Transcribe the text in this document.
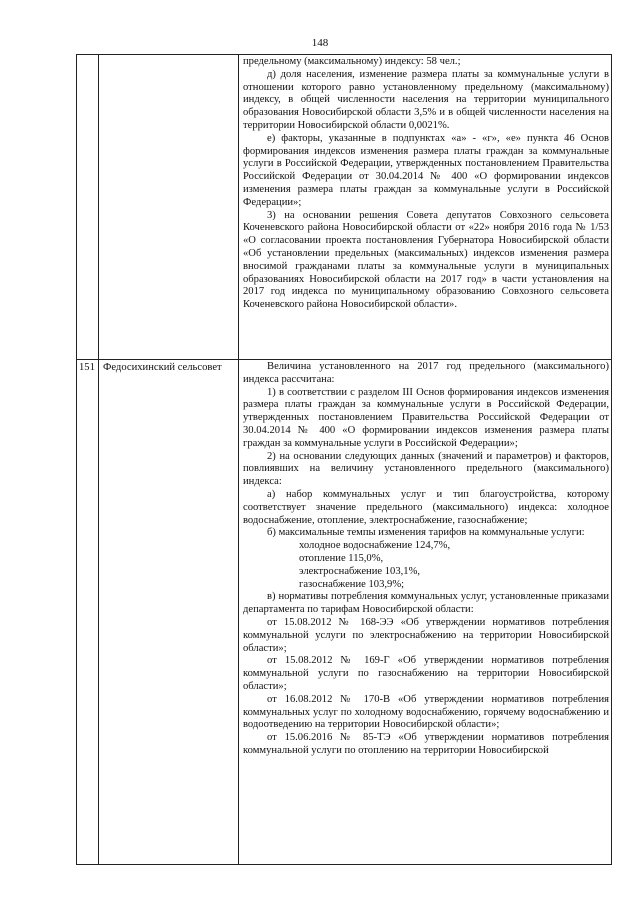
148

предельному (максимальному) индексу: 58 чел.;

д) доля населения, изменение размера платы за коммунальные услуги в отношении которого равно установленному предельному (максимальному) индексу, в общей численности населения на территории муниципального образования Новосибирской области 3,5% и в общей численности населения на территории Новосибирской области 0,0021%.

е) факторы, указанные в подпунктах «а» - «г», «е» пункта 46 Основ формирования индексов изменения размера платы граждан за коммунальные услуги в Российской Федерации, утвержденных постановлением Правительства Российской Федерации от 30.04.2014 № 400 «О формировании индексов изменения размера платы граждан за коммунальные услуги в Российской Федерации»;

3) на основании решения Совета депутатов Совхозного сельсовета Коченевского района Новосибирской области от «22» ноября 2016 года № 1/53 «О согласовании проекта постановления Губернатора Новосибирской области «Об установлении предельных (максимальных) индексов изменения размера вносимой гражданами платы за коммунальные услуги в муниципальных образованиях Новосибирской области на 2017 год» в части установления на 2017 год индекса по муниципальному образованию Совхозного сельсовета Коченевского района Новосибирской области».

151 Федосихинский сельсовет	Величина установленного на 2017 год предельного (максимального) индекса рассчитана:

1) в соответствии с разделом III Основ формирования индексов изменения размера платы граждан за коммунальные услуги в Российской Федерации, утвержденных постановлением Правительства Российской Федерации от 30.04.2014 № 400 «О формировании индексов изменения размера платы граждан за коммунальные услуги в Российской Федерации»;

2) на основании следующих данных (значений и параметров) и факторов, повлиявших на величину установленного предельного (максимального) индекса:

а) набор коммунальных услуг и тип благоустройства, которому соответствует значение предельного (максимального) индекса: холодное водоснабжение, отопление, электроснабжение, газоснабжение;

б) максимальные темпы изменения тарифов на коммунальные услуги:

холодное водоснабжение 124,7%,

отопление 115,0%,

электроснабжение 103,1%,

газоснабжение 103,9%;

в) нормативы потребления коммунальных услуг, установленные приказами департамента по тарифам Новосибирской области:

от 15.08.2012 № 168-ЭЭ «Об утверждении нормативов потребления коммунальной услуги по электроснабжению на территории Новосибирской области»;

от 15.08.2012 № 169-Г «Об утверждении нормативов потребления коммунальной услуги по газоснабжению на территории Новосибирской области»;

от 16.08.2012 № 170-В «Об утверждении нормативов потребления коммунальных услуг по холодному водоснабжению, горячему водоснабжению и водоотведению на территории Новосибирской области»;

от 15.06.2016 № 85-ТЭ «Об утверждении нормативов потребления коммунальной услуги по отоплению на территории Новосибирской
